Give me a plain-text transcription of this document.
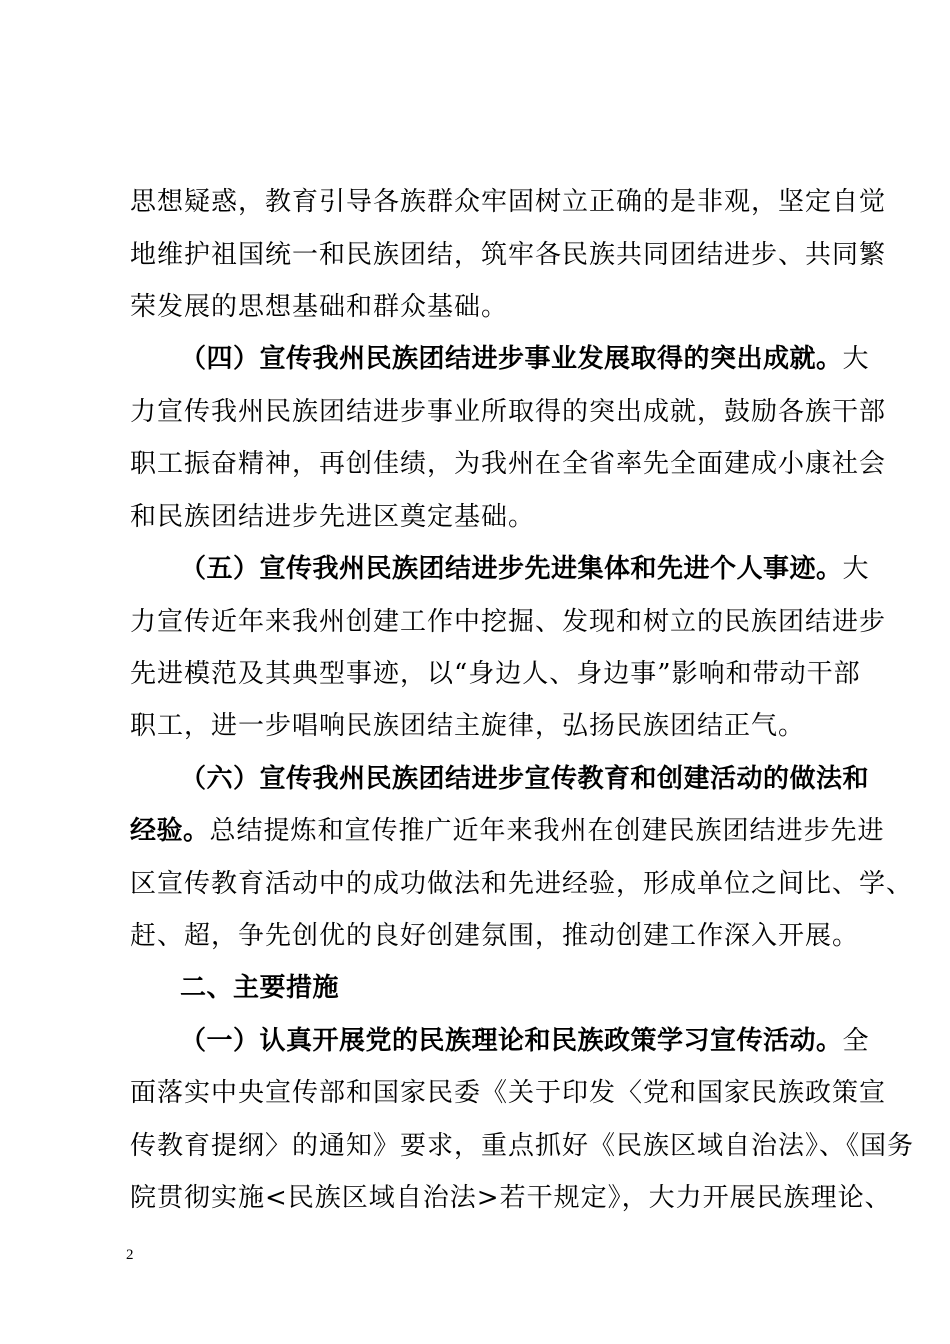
思想疑惑，教育引导各族群众牢固树立正确的是非观，坚定自觉
地维护祖国统一和民族团结，筑牢各民族共同团结进步、共同繁
荣发展的思想基础和群众基础。
（四）宣传我州民族团结进步事业发展取得的突出成就。大
力宣传我州民族团结进步事业所取得的突出成就，鼓励各族干部
职工振奋精神，再创佳绩，为我州在全省率先全面建成小康社会
和民族团结进步先进区奠定基础。
（五）宣传我州民族团结进步先进集体和先进个人事迹。大
力宣传近年来我州创建工作中挖掘、发现和树立的民族团结进步
先进模范及其典型事迹，以“身边人、身边事”影响和带动干部
职工，进一步唱响民族团结主旋律，弘扬民族团结正气。
（六）宣传我州民族团结进步宣传教育和创建活动的做法和
经验。总结提炼和宣传推广近年来我州在创建民族团结进步先进
区宣传教育活动中的成功做法和先进经验，形成单位之间比、学、
赶、超，争先创优的良好创建氛围，推动创建工作深入开展。
二、主要措施
（一）认真开展党的民族理论和民族政策学习宣传活动。全
面落实中央宣传部和国家民委《关于印发〈党和国家民族政策宣
传教育提纲〉的通知》要求，重点抓好《民族区域自治法》、《国务
院贯彻实施<民族区域自治法>若干规定》，大力开展民族理论、
2
